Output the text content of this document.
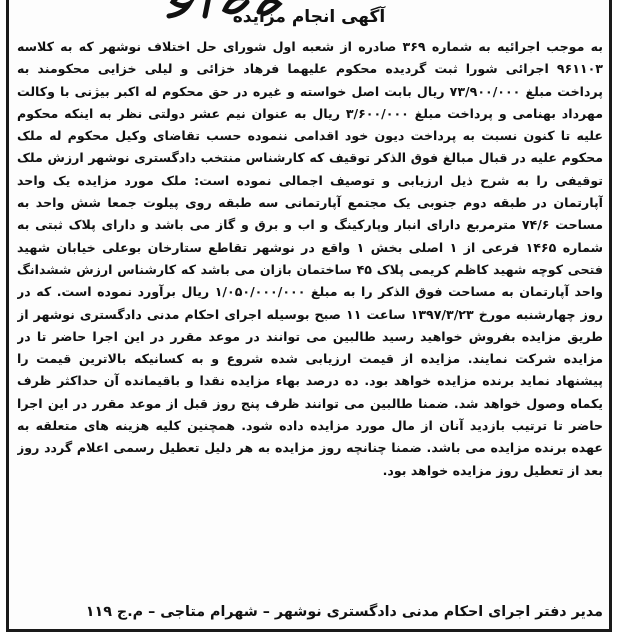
آگهی انجام مزایده
به موجب اجرائیه به شماره ۳۶۹ صادره از شعبه اول شورای حل اختلاف نوشهر که به کلاسه ۹۶۱۱۰۳ اجرائی شورا ثبت گردیده محکوم علیهما فرهاد خزائی و لیلی خزایی محکومند به پرداخت مبلغ ۷۳/۹۰۰/۰۰۰ ریال بابت اصل خواسته و غیره در حق محکوم له اکبر بیژنی با وکالت مهرداد بهنامی و پرداخت مبلغ ۳/۶۰۰/۰۰۰ ریال به عنوان نیم عشر دولتی نظر به اینکه محکوم علیه تا کنون نسبت به پرداخت دیون خود اقدامی ننموده حسب تقاضای وکیل محکوم له ملک محکوم علیه در قبال مبالغ فوق الذکر توقیف که کارشناس منتخب دادگستری نوشهر ارزش ملک توقیفی را به شرح ذیل ارزیابی و توصیف اجمالی نموده است: ملک مورد مزایده یک واحد آپارتمان در طبقه دوم جنوبی یک مجتمع آپارتمانی سه طبقه روی پیلوت جمعا شش واحد به مساحت ۷۴/۶ مترمربع دارای انبار وپارکینگ و اب و برق و گاز می باشد و دارای پلاک ثبتی به شماره ۱۴۶۵ فرعی از ۱ اصلی بخش ۱ واقع در نوشهر تقاطع ستارخان بوعلی خیابان شهید فتحی کوچه شهید کاظم کریمی پلاک ۴۵ ساختمان بازان می باشد که کارشناس ارزش ششدانگ واحد آپارتمان به مساحت فوق الذکر را به مبلغ ۱/۰۵۰/۰۰۰/۰۰۰ ریال برآورد نموده است. که در روز چهارشنبه مورخ ۱۳۹۷/۳/۲۳ ساعت ۱۱ صبح بوسیله اجرای احکام مدنی دادگستری نوشهر از طریق مزایده بفروش خواهید رسید طالبین می توانند در موعد مقرر در این اجرا حاضر تا در مزایده شرکت نمایند. مزایده از قیمت ارزیابی شده شروع و به کسانیکه بالاترین قیمت را پیشنهاد نماید برنده مزایده خواهد بود. ده درصد بهاء مزایده نقدا و باقیمانده آن حداکثر ظرف یکماه وصول خواهد شد. ضمنا طالبین می توانند ظرف پنج روز قبل از موعد مقرر در این اجرا حاضر تا ترتیب بازدید آنان از مال مورد مزایده داده شود. همچنین کلیه هزینه های متعلقه به عهده برنده مزایده می باشد. ضمنا چنانچه روز مزایده به هر دلیل تعطیل رسمی اعلام گردد روز بعد از تعطیل روز مزایده خواهد بود.
مدیر دفتر اجرای احکام مدنی دادگستری نوشهر – شهرام متاجی – م.ج ۱۱۹
